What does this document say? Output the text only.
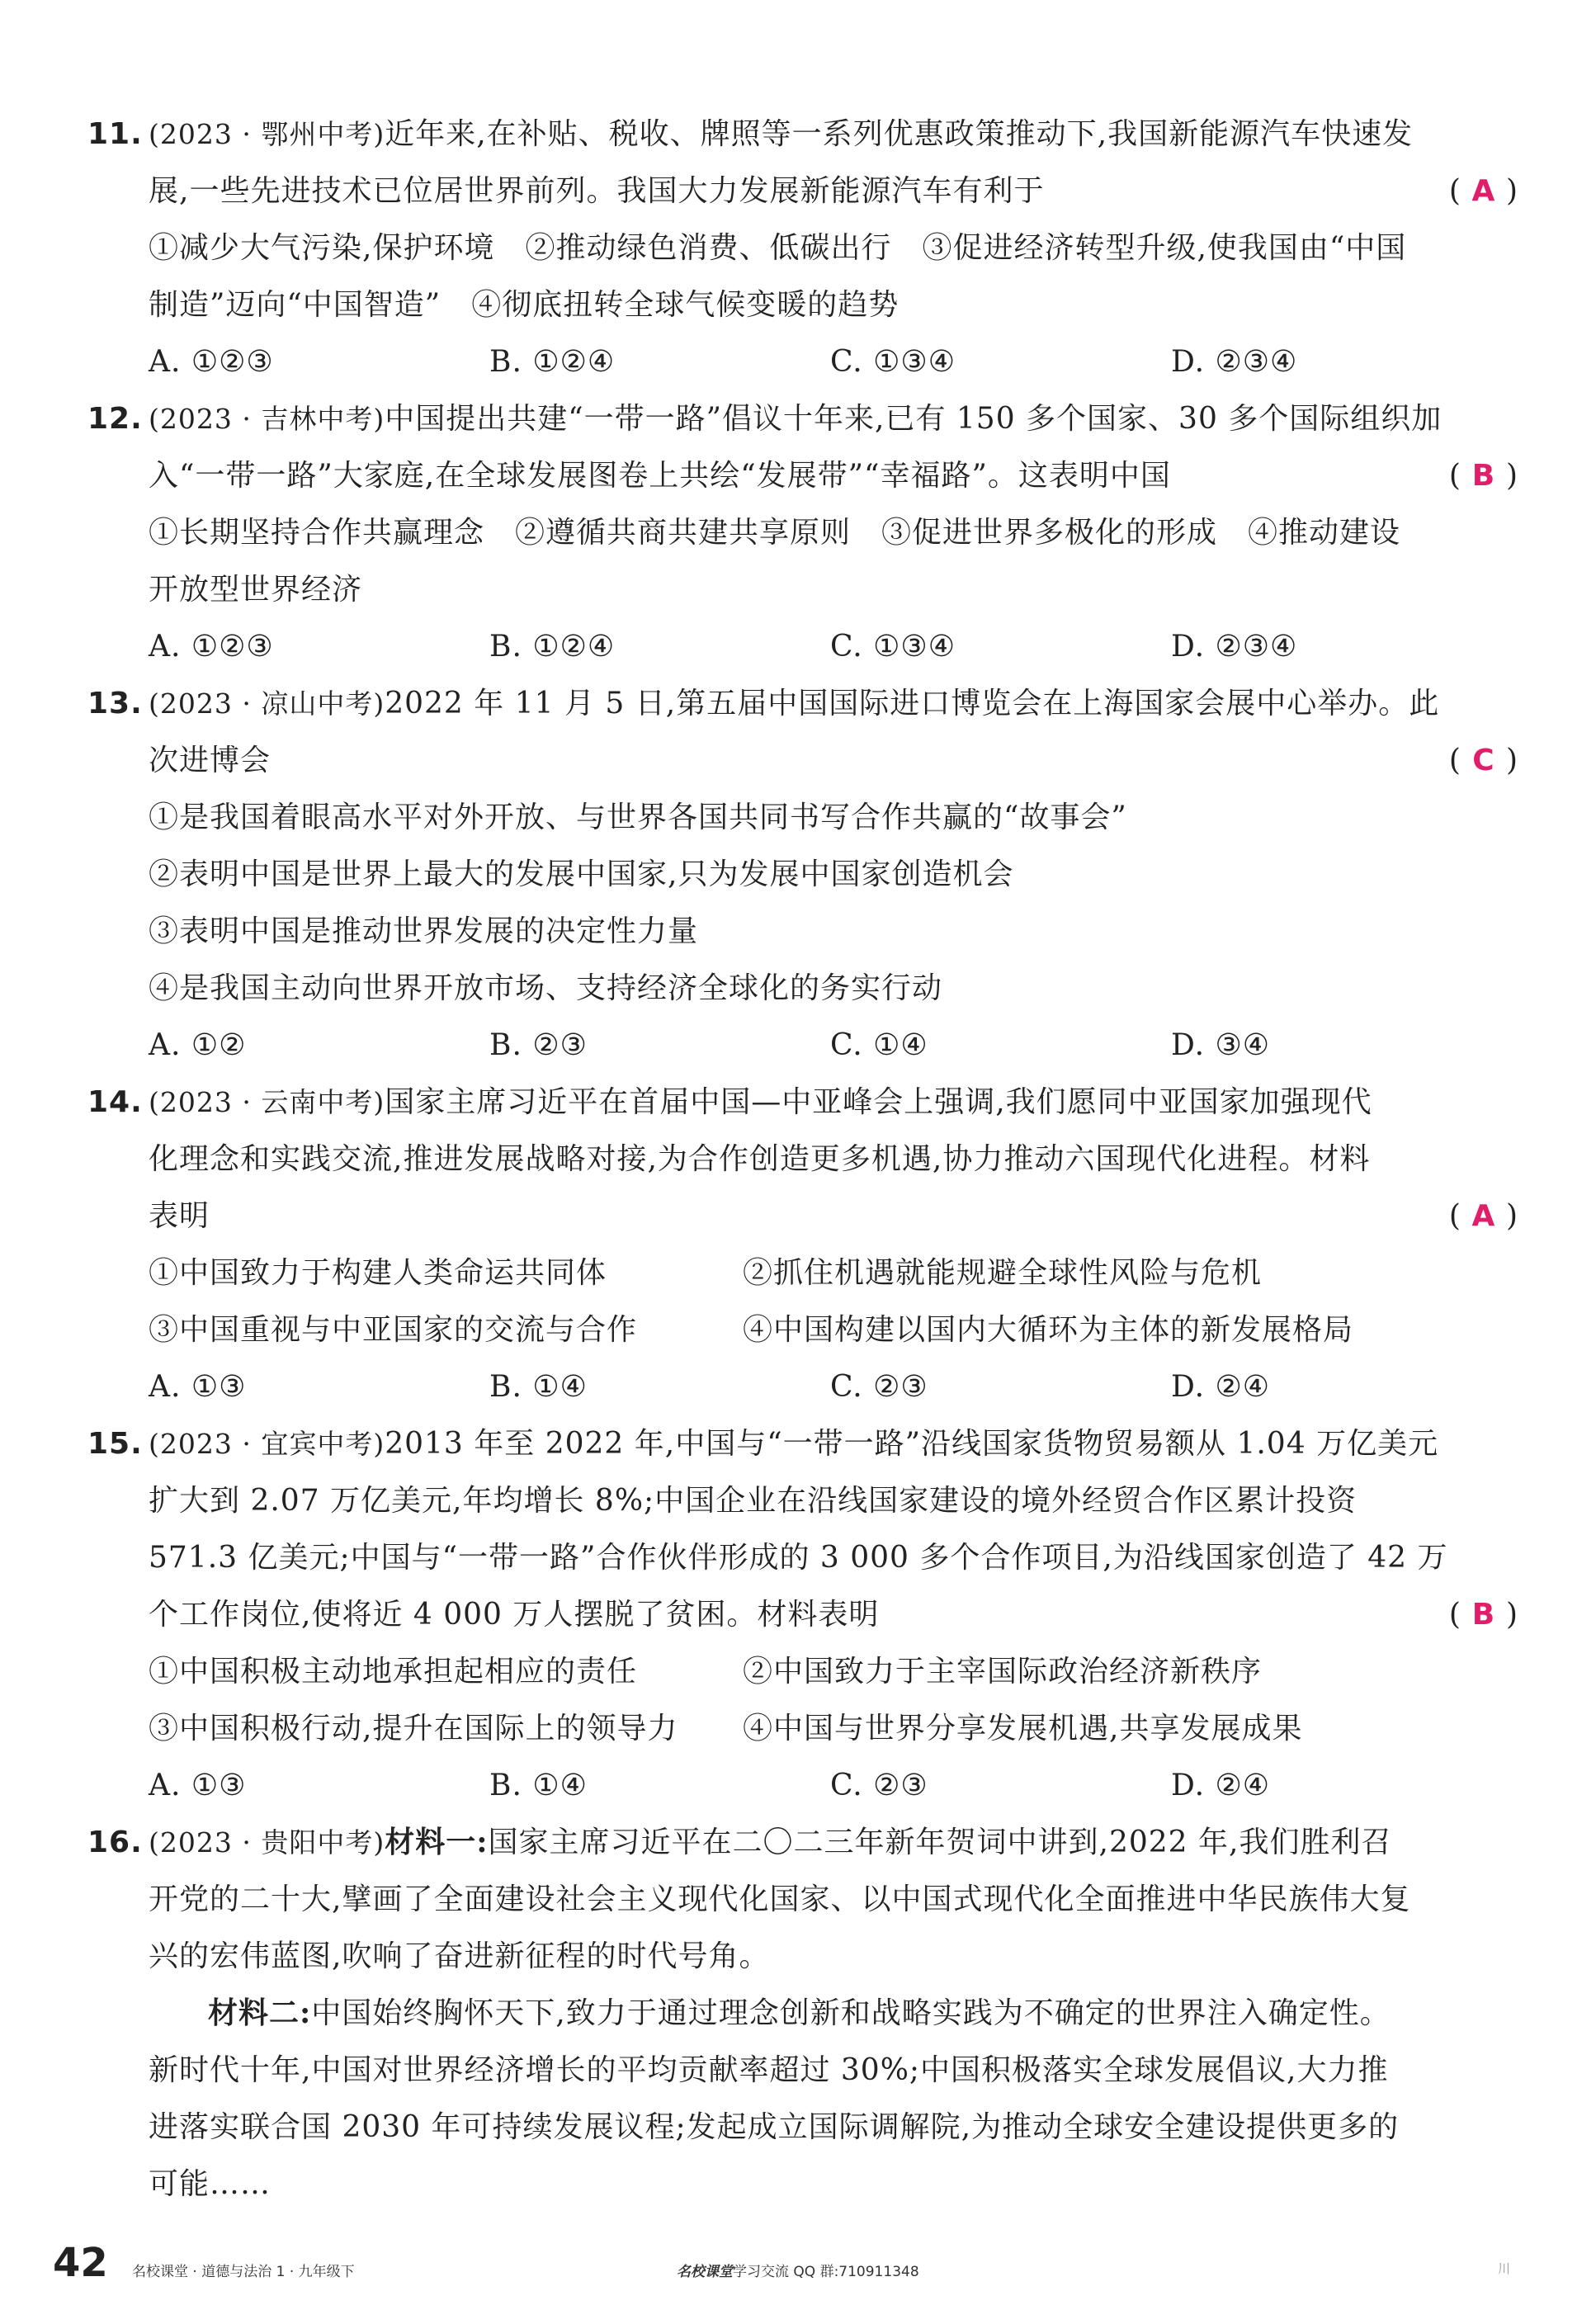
11. (2023 · 鄂州中考)近年来,在补贴、税收、牌照等一系列优惠政策推动下,我国新能源汽车快速发
展,一些先进技术已位居世界前列。我国大力发展新能源汽车有利于	( A )
①减少大气污染,保护环境　②推动绿色消费、低碳出行　③促进经济转型升级,使我国由“中国
制造”迈向“中国智造”　④彻底扭转全球气候变暖的趋势
A. ①②③	B. ①②④	C. ①③④	D. ②③④
12. (2023 · 吉林中考)中国提出共建“一带一路”倡议十年来,已有 150 多个国家、30 多个国际组织加
入“一带一路”大家庭,在全球发展图卷上共绘“发展带”“幸福路”。这表明中国	( B )
①长期坚持合作共赢理念　②遵循共商共建共享原则　③促进世界多极化的形成　④推动建设
开放型世界经济
A. ①②③	B. ①②④	C. ①③④	D. ②③④
13. (2023 · 凉山中考)2022 年 11 月 5 日,第五届中国国际进口博览会在上海国家会展中心举办。此
次进博会	( C )
①是我国着眼高水平对外开放、与世界各国共同书写合作共赢的“故事会”
②表明中国是世界上最大的发展中国家,只为发展中国家创造机会
③表明中国是推动世界发展的决定性力量
④是我国主动向世界开放市场、支持经济全球化的务实行动
A. ①②	B. ②③	C. ①④	D. ③④
14. (2023 · 云南中考)国家主席习近平在首届中国—中亚峰会上强调,我们愿同中亚国家加强现代
化理念和实践交流,推进发展战略对接,为合作创造更多机遇,协力推动六国现代化进程。材料
表明	( A )
①中国致力于构建人类命运共同体	②抓住机遇就能规避全球性风险与危机
③中国重视与中亚国家的交流与合作	④中国构建以国内大循环为主体的新发展格局
A. ①③	B. ①④	C. ②③	D. ②④
15. (2023 · 宜宾中考)2013 年至 2022 年,中国与“一带一路”沿线国家货物贸易额从 1.04 万亿美元
扩大到 2.07 万亿美元,年均增长 8%;中国企业在沿线国家建设的境外经贸合作区累计投资
571.3 亿美元;中国与“一带一路”合作伙伴形成的 3 000 多个合作项目,为沿线国家创造了 42 万
个工作岗位,使将近 4 000 万人摆脱了贫困。材料表明	( B )
①中国积极主动地承担起相应的责任	②中国致力于主宰国际政治经济新秩序
③中国积极行动,提升在国际上的领导力	④中国与世界分享发展机遇,共享发展成果
A. ①③	B. ①④	C. ②③	D. ②④
16. (2023 · 贵阳中考)材料一:国家主席习近平在二〇二三年新年贺词中讲到,2022 年,我们胜利召
开党的二十大,擘画了全面建设社会主义现代化国家、以中国式现代化全面推进中华民族伟大复
兴的宏伟蓝图,吹响了奋进新征程的时代号角。
材料二:中国始终胸怀天下,致力于通过理念创新和战略实践为不确定的世界注入确定性。
新时代十年,中国对世界经济增长的平均贡献率超过 30%;中国积极落实全球发展倡议,大力推
进落实联合国 2030 年可持续发展议程;发起成立国际调解院,为推动全球安全建设提供更多的
可能……
42 名校课堂 · 道德与法治 1 · 九年级下	名校课堂学习交流 QQ 群:710911348	川
